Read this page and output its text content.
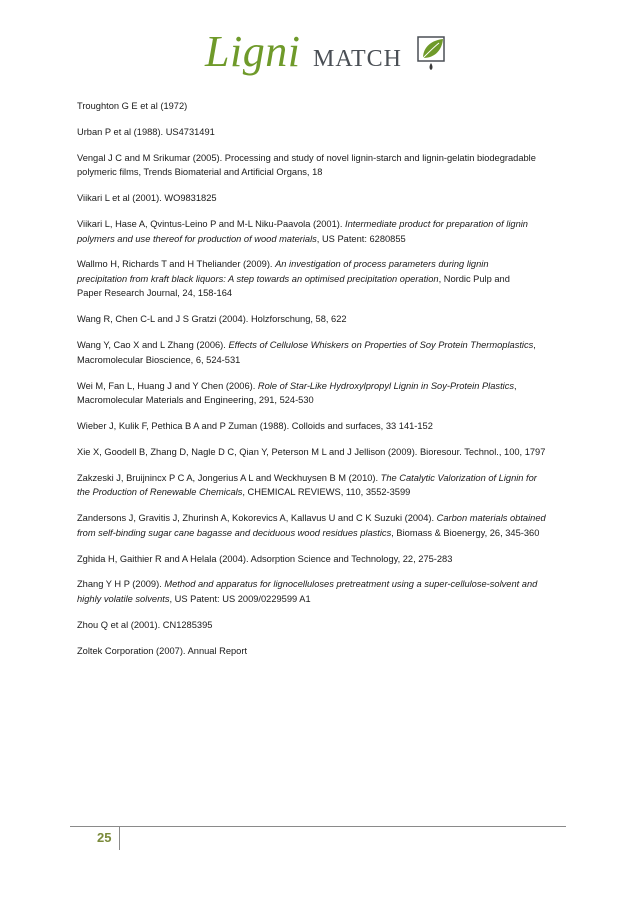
Ligni MATCH

Troughton G E et al (1972)

Urban P et al (1988). US4731491

Vengal J C and M Srikumar (2005). Processing and study of novel lignin-starch and lignin-gelatin biodegradable
polymeric films, Trends Biomaterial and Artificial Organs, 18

Viikari L et al (2001). WO9831825

Viikari L, Hase A, Qvintus-Leino P and M-L Niku-Paavola (2001). Intermediate product for preparation of lignin
polymers and use thereof for production of wood materials, US Patent: 6280855

Wallmo H, Richards T and H Theliander (2009). An investigation of process parameters during lignin
precipitation from kraft black liquors: A step towards an optimised precipitation operation, Nordic Pulp and
Paper Research Journal, 24, 158-164

Wang R, Chen C-L and J S Gratzi (2004). Holzforschung, 58, 622

Wang Y, Cao X and L Zhang (2006). Effects of Cellulose Whiskers on Properties of Soy Protein Thermoplastics,
Macromolecular Bioscience, 6, 524-531

Wei M, Fan L, Huang J and Y Chen (2006). Role of Star-Like Hydroxylpropyl Lignin in Soy-Protein Plastics,
Macromolecular Materials and Engineering, 291, 524-530

Wieber J, Kulik F, Pethica B A and P Zuman (1988). Colloids and surfaces, 33 141-152

Xie X, Goodell B, Zhang D, Nagle D C, Qian Y, Peterson M L and J Jellison (2009). Bioresour. Technol., 100, 1797

Zakzeski J, Bruijnincx P C A, Jongerius A L and Weckhuysen B M (2010). The Catalytic Valorization of Lignin for
the Production of Renewable Chemicals, CHEMICAL REVIEWS, 110, 3552-3599

Zandersons J, Gravitis J, Zhurinsh A, Kokorevics A, Kallavus U and C K Suzuki (2004). Carbon materials obtained
from self-binding sugar cane bagasse and deciduous wood residues plastics, Biomass & Bioenergy, 26, 345-360

Zghida H, Gaithier R and A Helala (2004). Adsorption Science and Technology, 22, 275-283

Zhang Y H P (2009). Method and apparatus for lignocelluloses pretreatment using a super-cellulose-solvent and
highly volatile solvents, US Patent: US 2009/0229599 A1

Zhou Q et al (2001). CN1285395

Zoltek Corporation (2007). Annual Report

25
